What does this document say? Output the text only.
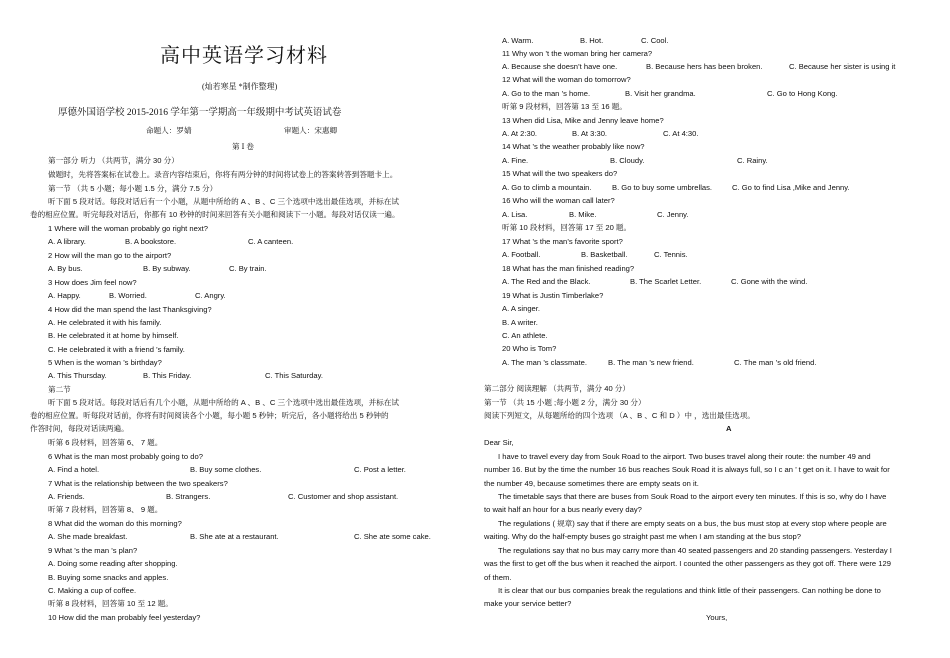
高中英语学习材料
(灿若寒星 *制作整理)
厚德外国语学校 2015-2016 学年第一学期高一年级期中考试英语试卷
命题人：罗婧	审题人：宋惠卿
第 Ⅰ 卷
第一部分 听力 （共两节，满分 30 分）
做题时，先将答案标在试卷上。录音内容结束后，你将有两分钟的时间将试卷上的答案转答到答题卡上。
第一节 （共 5 小题；每小题 1.5 分，满分 7.5 分）
听下面 5 段对话。每段对话后有一个小题，从题中所给的 A 、B 、C 三个选项中选出最佳选项，并标在试
卷的相应位置。听完每段对话后，你都有 10 秒钟的时间来回答有关小题和阅读下一小题。每段对话仅读一遍。
1 Where will the woman probably go right next?
A. A library.	B. A bookstore.	C. A canteen.
2 How will the man go to the airport?
A. By bus.	B. By subway.	C. By train.
3 How does Jim feel now?
A. Happy.	B. Worried.	C. Angry.
4 How did the man spend the last Thanksgiving?
A. He celebrated it with his family.
B. He celebrated it at home by himself.
C. He celebrated it with a friend ’s family.
5 When is the woman ’s birthday?
A. This Thursday.	B. This Friday.	C. This Saturday.
第二节
听下面 5 段对话。每段对话后有几个小题，从题中所给的 A 、B 、C 三个选项中选出最佳选项，并标在试
卷的相应位置。听每段对话前，你将有时间阅读各个小题，每小题 5 秒钟；听完后，各小题将给出 5 秒钟的
作答时间，每段对话读两遍。
听第 6 段材料，回答第 6、 7 题。
6 What is the man most probably going to do?
A. Find a hotel.	B. Buy some clothes.	C. Post a letter.
7 What is the relationship between the two speakers?
A. Friends.	B. Strangers.	C. Customer and shop assistant.
听第 7 段材料，回答第 8、 9 题。
8 What did the woman do this morning?
A. She made breakfast.	B. She ate at a restaurant.	C. She ate some cake.
9 What ’s the man ’s plan?
A. Doing some reading after shopping.
B. Buying some snacks and apples.
C. Making a cup of coffee.
听第 8 段材料，回答第 10 至 12 题。
10 How did the man probably feel yesterday?
A. Warm.	B. Hot.	C. Cool.
11 Why won ’t the woman bring her camera?
A. Because she doesn’t have one.	B. Because hers has been broken.	C. Because her sister is using it
12 What will the woman do tomorrow?
A. Go to the man ’s home.	B. Visit her grandma.	C. Go to Hong Kong.
听第 9 段材料，回答第 13 至 16 题。
13 When did Lisa, Mike and Jenny leave home?
A. At 2:30.	B. At 3:30.	C. At 4:30.
14 What ’s the weather probably like now?
A. Fine.	B. Cloudy.	C. Rainy.
15 What will the two speakers do?
A. Go to climb a mountain.	B. Go to buy some umbrellas.	C. Go to find Lisa ,Mike and Jenny.
16 Who will the woman call later?
A. Lisa.	B. Mike.	C. Jenny.
听第 10 段材料，回答第 17 至 20 题。
17 What ’s the man’s favorite sport?
A. Football.	B. Basketball.	C. Tennis.
18 What has the man finished reading?
A. The Red and the Black.	B. The Scarlet Letter.	C. Gone with the wind.
19 What is Justin Timberlake?
A. A singer.
B. A writer.
C. An athlete.
20 Who is Tom?
A. The man ’s classmate.	B. The man ’s new friend.	C. The man ’s old friend.
第二部分 阅读理解 （共两节，满分 40 分）
第一节 （共 15 小题 ;每小题 2 分，满分 30 分）
阅读下列短文，从每题所给的四个选项 （A 、B 、C 和 D ）中 ，选出最佳选项。
A
Dear Sir,
I have to travel every day from Souk Road to the airport. Two buses travel along their route: the number 49 and
number 16. But by the time the number 16 bus reaches Souk Road it is always full, so I c an ’ t get on it. I have to wait for
the number 49, because sometimes there are empty seats on it.
The timetable says that there are buses from Souk Road to the airport every ten minutes. If this is so, why do I have
to wait half an hour for a bus nearly every day?
The regulations ( 规章) say that if there are empty seats on a bus, the bus must stop at every stop where people are
waiting. Why do the half-empty buses go straight past me when I am standing at the bus stop?
The regulations say that no bus may carry more than 40 seated passengers and 20 standing passengers. Yesterday I
was the first to get off the bus when it reached the airport. I counted the other passengers as they got off. There were 129
of them.
It is clear that our bus companies break the regulations and think little of their passengers. Can nothing be done to
make your service better?
Yours,
